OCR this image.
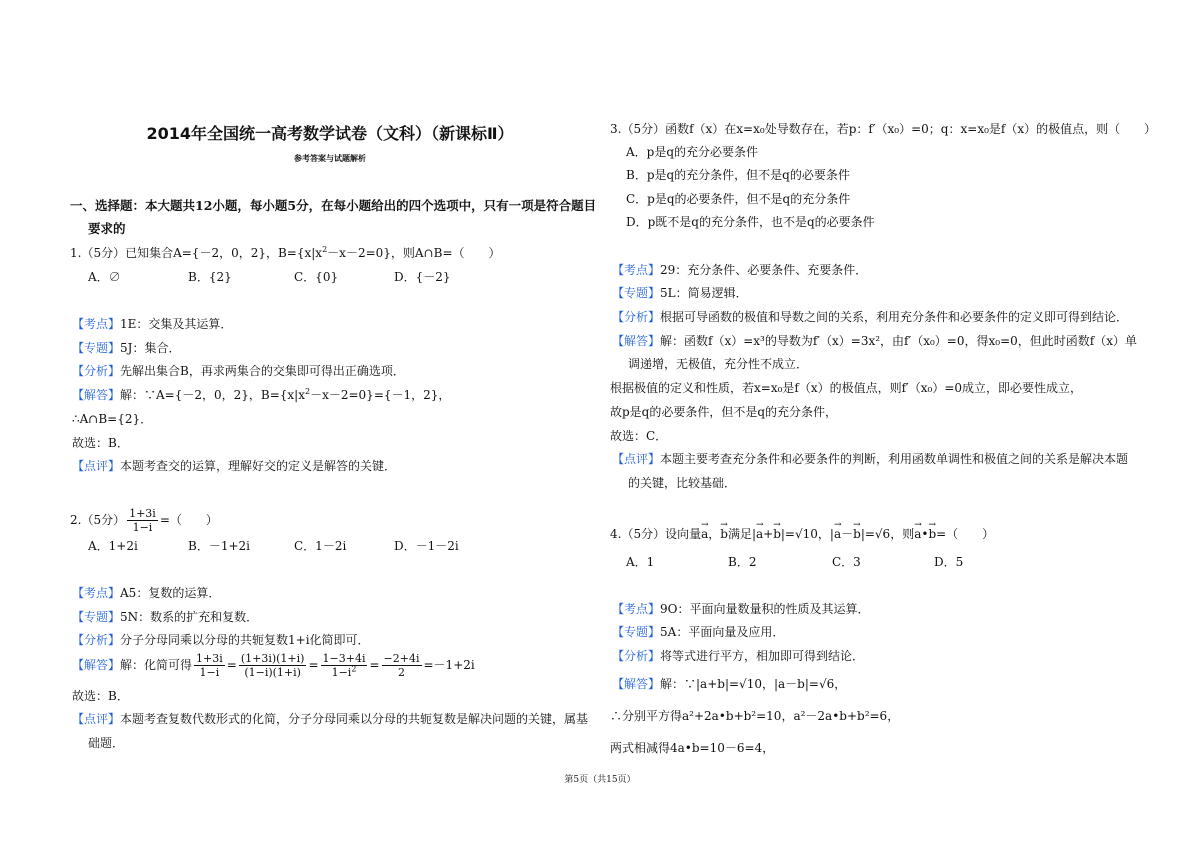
2014年全国统一高考数学试卷（文科）（新课标Ⅱ）
参考答案与试题解析
一、选择题：本大题共12小题，每小题5分，在每小题给出的四个选项中，只有一项是符合题目
要求的
1.（5分）已知集合A={－2，0，2}，$B=\{x|x^2-x-2=0\}$，则A∩B=（　　）
A．∅	B．{2}	C．{0}	D．{－2}
【考点】1E：交集及其运算．
【专题】5J：集合．
【分析】先解出集合B，再求两集合的交集即可得出正确选项．
【解答】解：∵A={－2，0，2}，$B=\{x|x^2-x-2=0\}=\{-1$，2}，
∴A∩B={2}．
故选：B．
【点评】本题考查交的运算，理解好交的定义是解答的关键．
2.（5分） $\frac{1+3i}{1-i}$ =（　　）
A．1+2i	B．－1+2i	C．1－2i	D．－1－2i
【考点】A5：复数的运算．
【专题】5N：数系的扩充和复数．
【分析】分子分母同乘以分母的共轭复数1+i化简即可．
【解答】解：化简可得 $\frac{1+3i}{1-i} = \frac{(1+3i)(1+i)}{(1-i)(1+i)} = \frac{1-3+4i}{1-i^2} = \frac{-2+4i}{2} =-1+2i$
故选：B．
【点评】本题考查复数代数形式的化简，分子分母同乘以分母的共轭复数是解决问题的关键，属基
础题．
3.（5分）函数f（x）在x=x₀处导数存在，若p：f′（x₀）=0；q：x=x₀是f（x）的极值点，则（　　）
A．p是q的充分必要条件
B．p是q的充分条件，但不是q的必要条件
C．p是q的必要条件，但不是q的充分条件
D．p既不是q的充分条件，也不是q的必要条件
【考点】29：充分条件、必要条件、充要条件．
【专题】5L：简易逻辑．
【分析】根据可导函数的极值和导数之间的关系，利用充分条件和必要条件的定义即可得到结论．
【解答】解：函数f（x）=x³的导数为f′（x）=3x²，由f′（x₀）=0，得x₀=0，但此时函数f（x）单
调递增，无极值，充分性不成立．
根据极值的定义和性质，若x=x₀是f（x）的极值点，则f′（x₀）=0成立，即必要性成立，
故p是q的必要条件，但不是q的充分条件，
故选：C．
【点评】本题主要考查充分条件和必要条件的判断，利用函数单调性和极值之间的关系是解决本题
的关键，比较基础．
4.（5分）设向量→ a，→ b满足|→ a+→ b|=√10，|→ a－→ b|=√6，则→ a•→ b=（　　）
A．1	B．2	C．3	D．5
【考点】9O：平面向量数量积的性质及其运算．
【专题】5A：平面向量及应用．
【分析】将等式进行平方，相加即可得到结论．
【解答】解：∵|a+b|=√10，|a－b|=√6，
∴分别平方得a²+2a•b+b²=10，a²－2a•b+b²=6，
两式相减得4a•b=10－6=4，
第5页（共15页）
